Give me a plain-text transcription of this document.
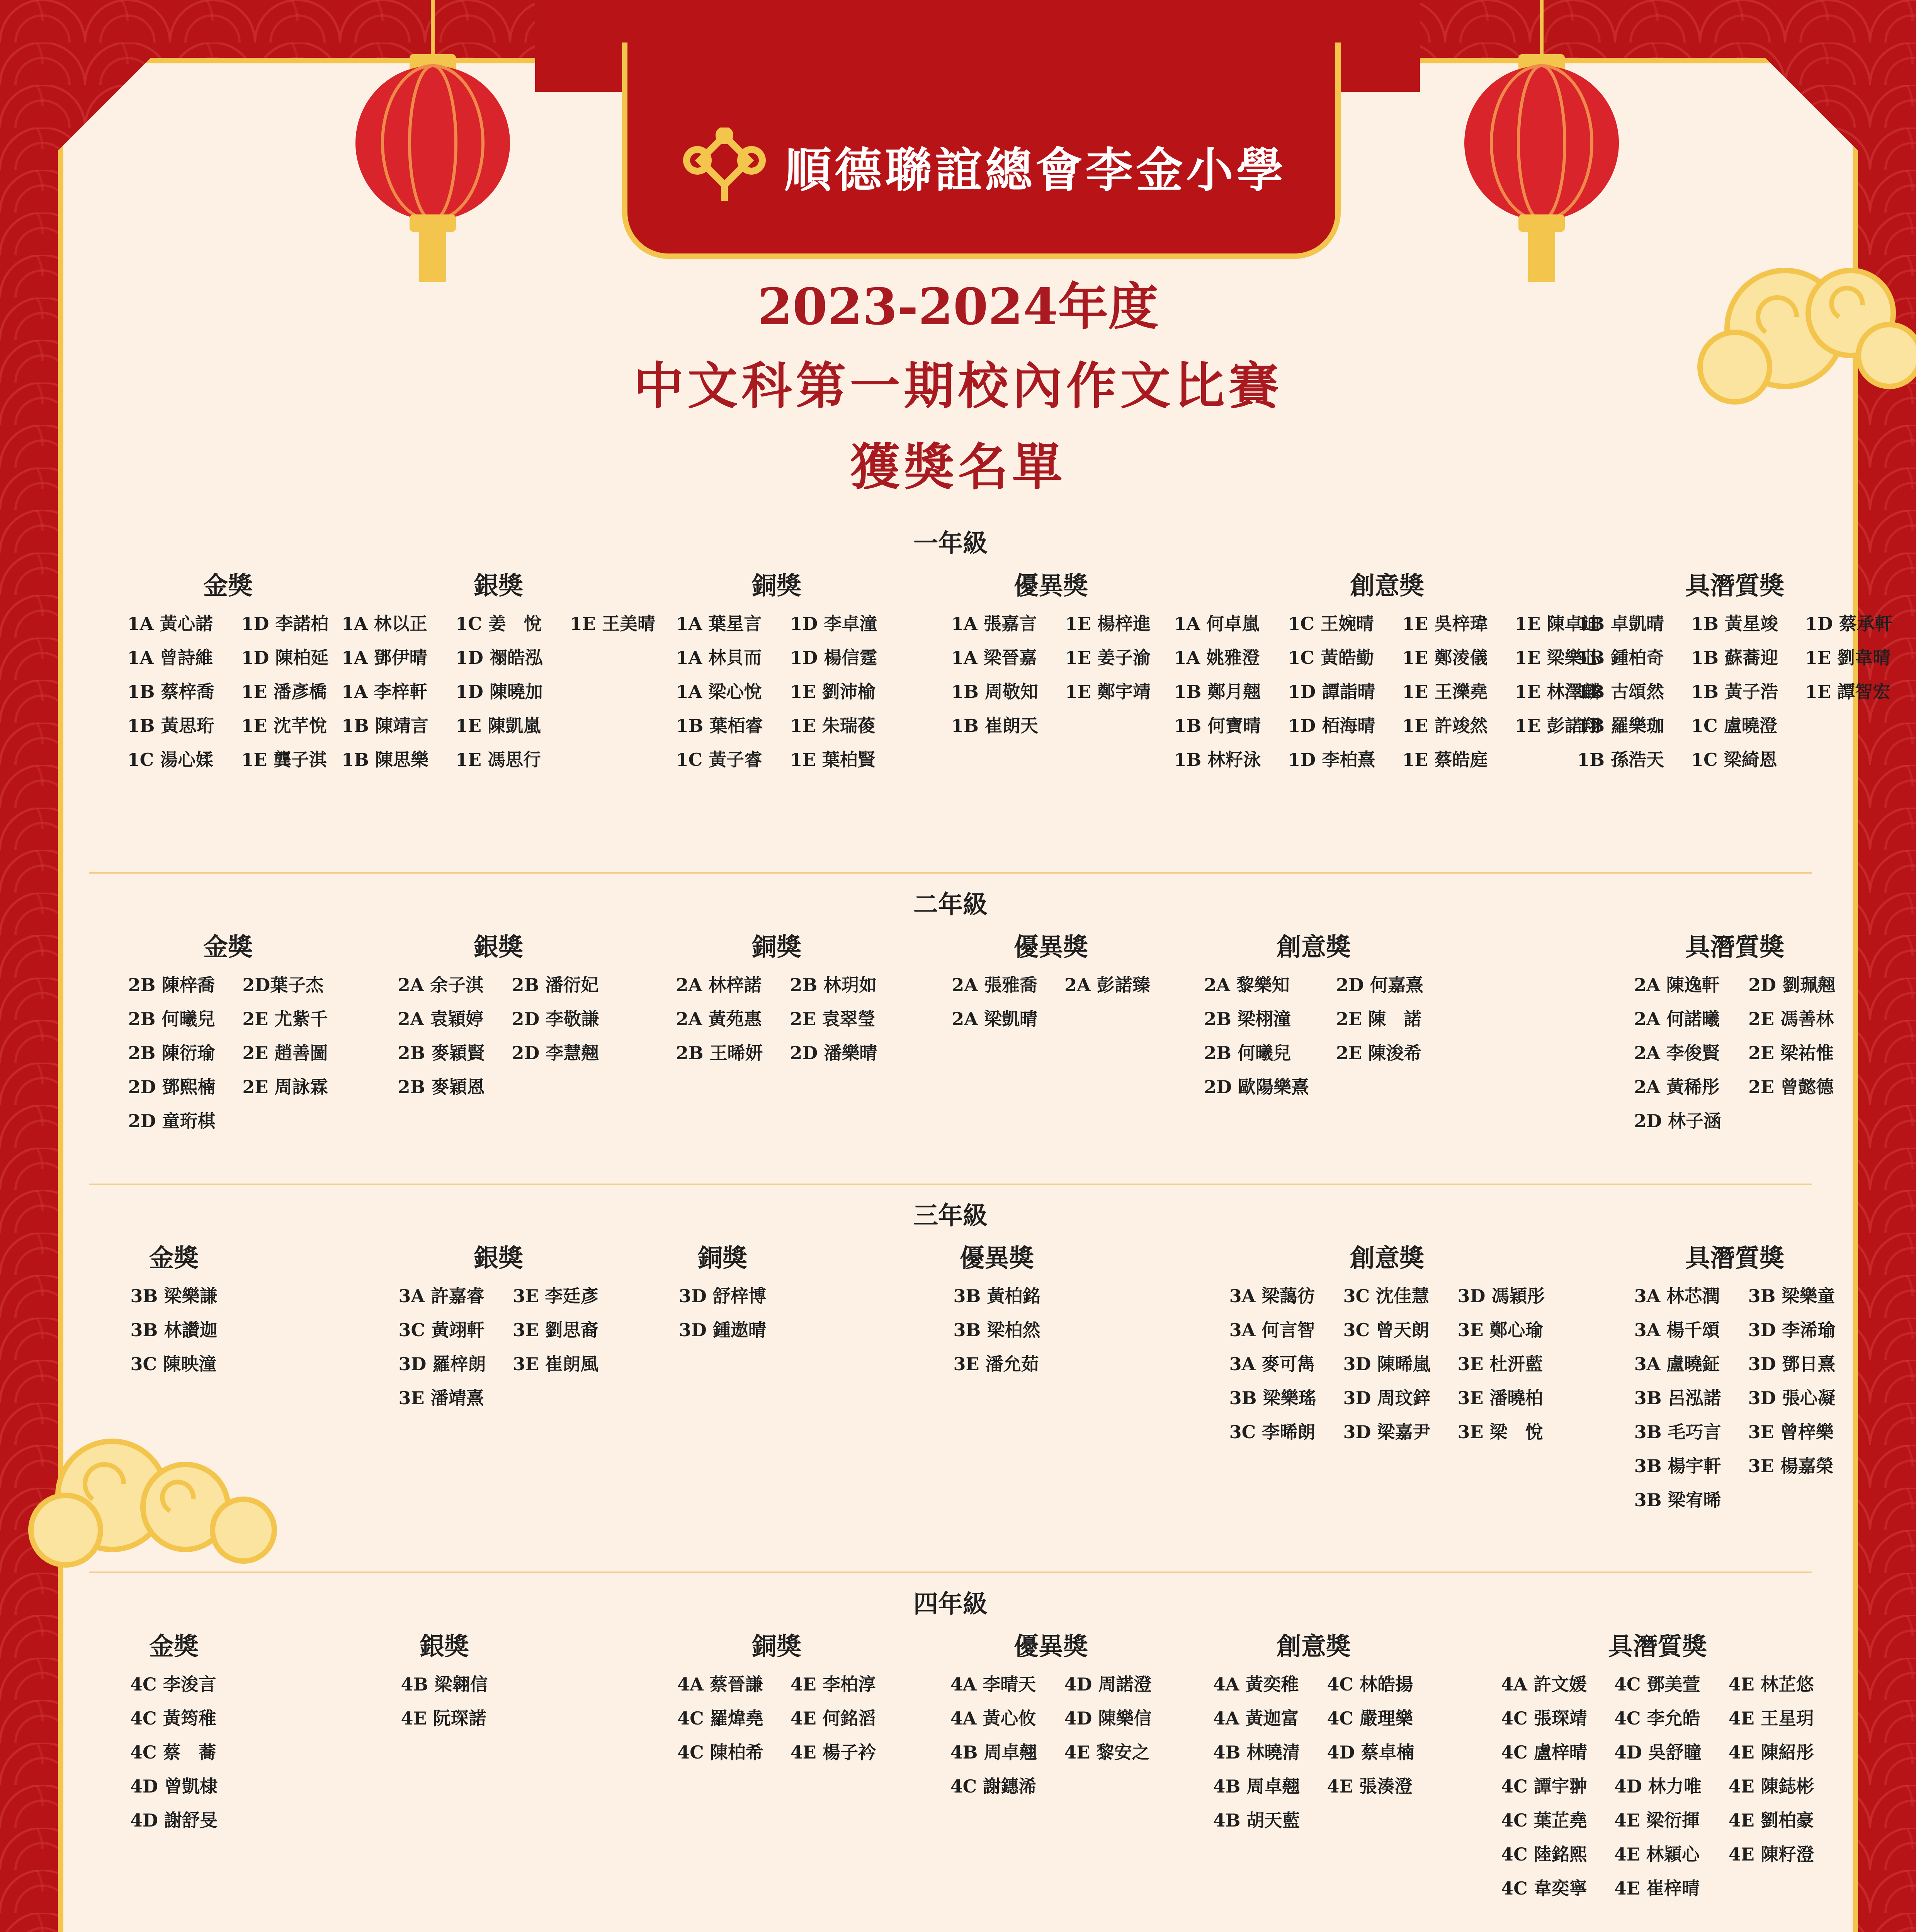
順德聯誼總會李金小學
2023-2024年度
中文科第一期校內作文比賽
獲獎名單
一年級
金獎
1A 黃心諾
1A 曾詩維
1B 蔡梓喬
1B 黃思珩
1C 湯心媃
1D 李諾柏
1D 陳柏延
1E 潘彥橋
1E 沈芊悅
1E 龔子淇
銀獎
1A 林以正
1A 鄧伊晴
1A 李梓軒
1B 陳靖言
1B 陳思樂
1C 姜　悅
1D 禤皓泓
1D 陳曉加
1E 陳凱嵐
1E 馮思行
1E 王美晴
銅獎
1A 葉星言
1A 林貝而
1A 梁心悅
1B 葉栢睿
1C 黃子睿
1D 李卓潼
1D 楊信霆
1E 劉沛榆
1E 朱瑞葰
1E 葉柏賢
優異獎
1A 張嘉言
1A 梁晉嘉
1B 周敬知
1B 崔朗天
1E 楊梓進
1E 姜子渝
1E 鄭宇靖
創意獎
1A 何卓嵐
1A 姚雅澄
1B 鄭月翹
1B 何寶晴
1B 林籽泳
1C 王婉晴
1C 黃皓勤
1D 譚詣晴
1D 栢海晴
1D 李柏熹
1E 吳梓瑋
1E 鄭淩儀
1E 王濼堯
1E 許竣然
1E 蔡皓庭
1E 陳卓迪
1E 梁樂芯
1E 林澤麟
1E 彭諾翔
具潛質獎
1B 卓凱晴
1B 鍾柏奇
1B 古頌然
1B 羅樂珈
1B 孫浩天
1B 黃星竣
1B 蘇蕎迎
1B 黃子浩
1C 盧曉澄
1C 梁綺恩
1D 蔡承軒
1E 劉韋晴
1E 譚智宏
二年級
金獎
2B 陳梓喬
2B 何曦兒
2B 陳衍瑜
2D 鄧熙楠
2D 童珩棋
2D葉子杰
2E 尤紫千
2E 趙善圖
2E 周詠霖
銀獎
2A 余子淇
2A 袁穎婷
2B 麥穎賢
2B 麥穎恩
2B 潘衍妃
2D 李敬謙
2D 李慧翹
銅獎
2A 林梓諾
2A 黃苑惠
2B 王晞妍
2B 林玥如
2E 袁翠瑩
2D 潘樂晴
優異獎
2A 張雅喬
2A 梁凱晴
2A 彭諾臻
創意獎
2A 黎樂知
2B 梁栩潼
2B 何曦兒
2D 歐陽樂熹
2D 何嘉熹
2E 陳　諾
2E 陳浚希
具潛質獎
2A 陳逸軒
2A 何諾曦
2A 李俊賢
2A 黃稀彤
2D 林子涵
2D 劉珮翹
2E 馮善林
2E 梁祐惟
2E 曾懿德
三年級
金獎
3B 梁樂謙
3B 林讚迦
3C 陳映潼
銀獎
3A 許嘉睿
3C 黃翊軒
3D 羅梓朗
3E 潘靖熹
3E 李廷彥
3E 劉思裔
3E 崔朗風
銅獎
3D 舒梓博
3D 鍾遨晴
優異獎
3B 黃柏銘
3B 梁柏然
3E 潘允茹
創意獎
3A 梁藹彷
3A 何言智
3A 麥可雋
3B 梁樂瑤
3C 李晞朗
3C 沈佳慧
3C 曾天朗
3D 陳晞嵐
3D 周玟鋅
3D 梁嘉尹
3D 馮穎彤
3E 鄭心瑜
3E 杜汧藍
3E 潘曉柏
3E 梁　悅
具潛質獎
3A 林芯潤
3A 楊千頌
3A 盧曉鉦
3B 呂泓諾
3B 毛巧言
3B 楊宇軒
3B 梁宥晞
3B 梁樂童
3D 李浠瑜
3D 鄧日熹
3D 張心凝
3E 曾梓樂
3E 楊嘉榮
四年級
金獎
4C 李浚言
4C 黃筠稚
4C 蔡　蕎
4D 曾凱棣
4D 謝舒旻
銀獎
4B 梁翱信
4E 阮琛諾
銅獎
4A 蔡晉謙
4C 羅煒堯
4C 陳柏希
4E 李柏淳
4E 何銘滔
4E 楊子衿
優異獎
4A 李晴天
4A 黃心攸
4B 周卓翹
4C 謝鏸浠
4D 周諾澄
4D 陳樂信
4E 黎安之
創意獎
4A 黃奕稚
4A 黃迦富
4B 林曉清
4B 周卓翹
4B 胡天藍
4C 林皓揚
4C 嚴理樂
4D 蔡卓楠
4E 張湊澄
具潛質獎
4A 許文媛
4C 張琛靖
4C 盧梓晴
4C 譚宇翀
4C 葉芷堯
4C 陸銘熙
4C 韋奕寧
4C 鄧美萱
4C 李允皓
4D 吳舒瞳
4D 林力唯
4E 梁衍揮
4E 林穎心
4E 崔梓晴
4E 林芷悠
4E 王星玥
4E 陳紹彤
4E 陳鋕彬
4E 劉柏豪
4E 陳籽澄
